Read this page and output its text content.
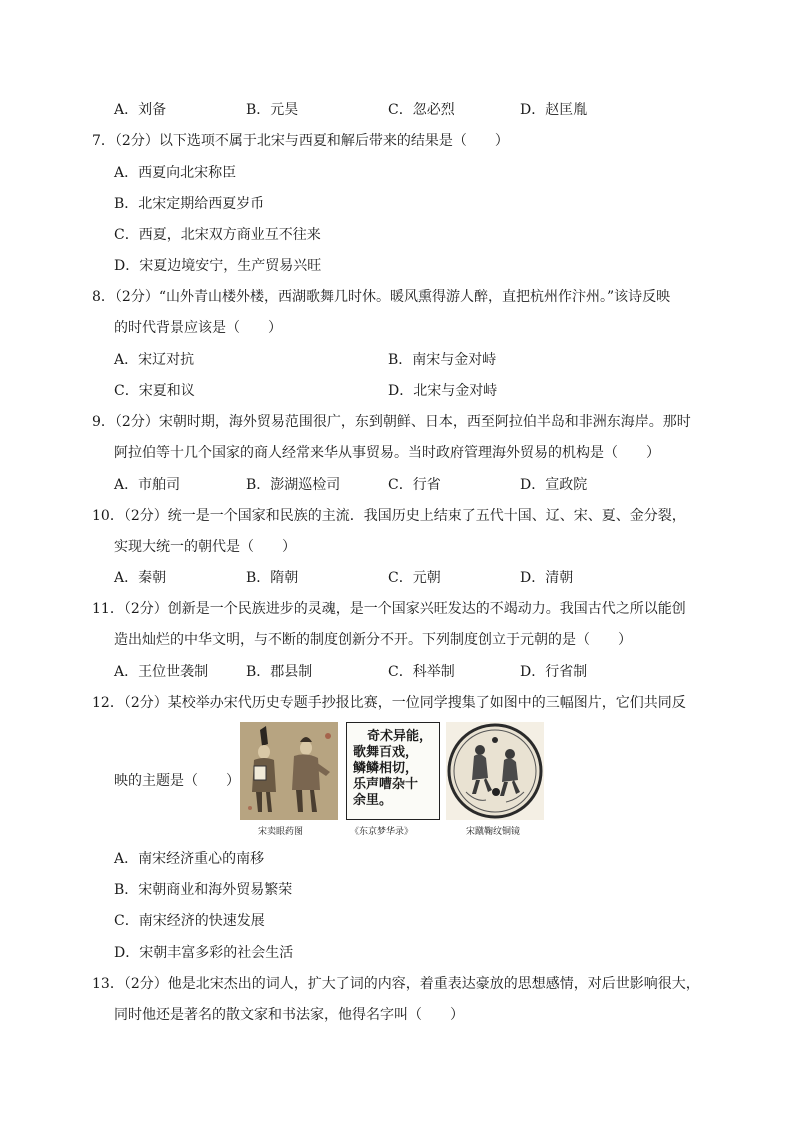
A．刘备	B．元昊	C．忽必烈	D．赵匡胤
7．（2分）以下选项不属于北宋与西夏和解后带来的结果是（　　）
A．西夏向北宋称臣
B．北宋定期给西夏岁币
C．西夏，北宋双方商业互不往来
D．宋夏边境安宁，生产贸易兴旺
8．（2分）“山外青山楼外楼，西湖歌舞几时休。暖风熏得游人醉，直把杭州作汴州。”该诗反映
的时代背景应该是（　　）
A．宋辽对抗	B．南宋与金对峙
C．宋夏和议	D．北宋与金对峙
9．（2分）宋朝时期，海外贸易范围很广，东到朝鲜、日本，西至阿拉伯半岛和非洲东海岸。那时
阿拉伯等十几个国家的商人经常来华从事贸易。当时政府管理海外贸易的机构是（　　）
A．市舶司	B．澎湖巡检司	C．行省	D．宣政院
10．（2分）统一是一个国家和民族的主流．我国历史上结束了五代十国、辽、宋、夏、金分裂，
实现大统一的朝代是（　　）
A．秦朝	B．隋朝	C．元朝	D．清朝
11．（2分）创新是一个民族进步的灵魂，是一个国家兴旺发达的不竭动力。我国古代之所以能创
造出灿烂的中华文明，与不断的制度创新分不开。下列制度创立于元朝的是（　　）
A．王位世袭制	B．郡县制	C．科举制	D．行省制
12．（2分）某校举办宋代历史专题手抄报比赛，一位同学搜集了如图中的三幅图片，它们共同反
映的主题是（　　）
奇术异能，
歌舞百戏，
鳞鳞相切，
乐声嘈杂十
余里。
宋卖眼药图	《东京梦华录》	宋蹴鞠纹铜镜
A．南宋经济重心的南移
B．宋朝商业和海外贸易繁荣
C．南宋经济的快速发展
D．宋朝丰富多彩的社会生活
13．（2分）他是北宋杰出的词人，扩大了词的内容，着重表达豪放的思想感情，对后世影响很大，
同时他还是著名的散文家和书法家，他得名字叫（　　）
